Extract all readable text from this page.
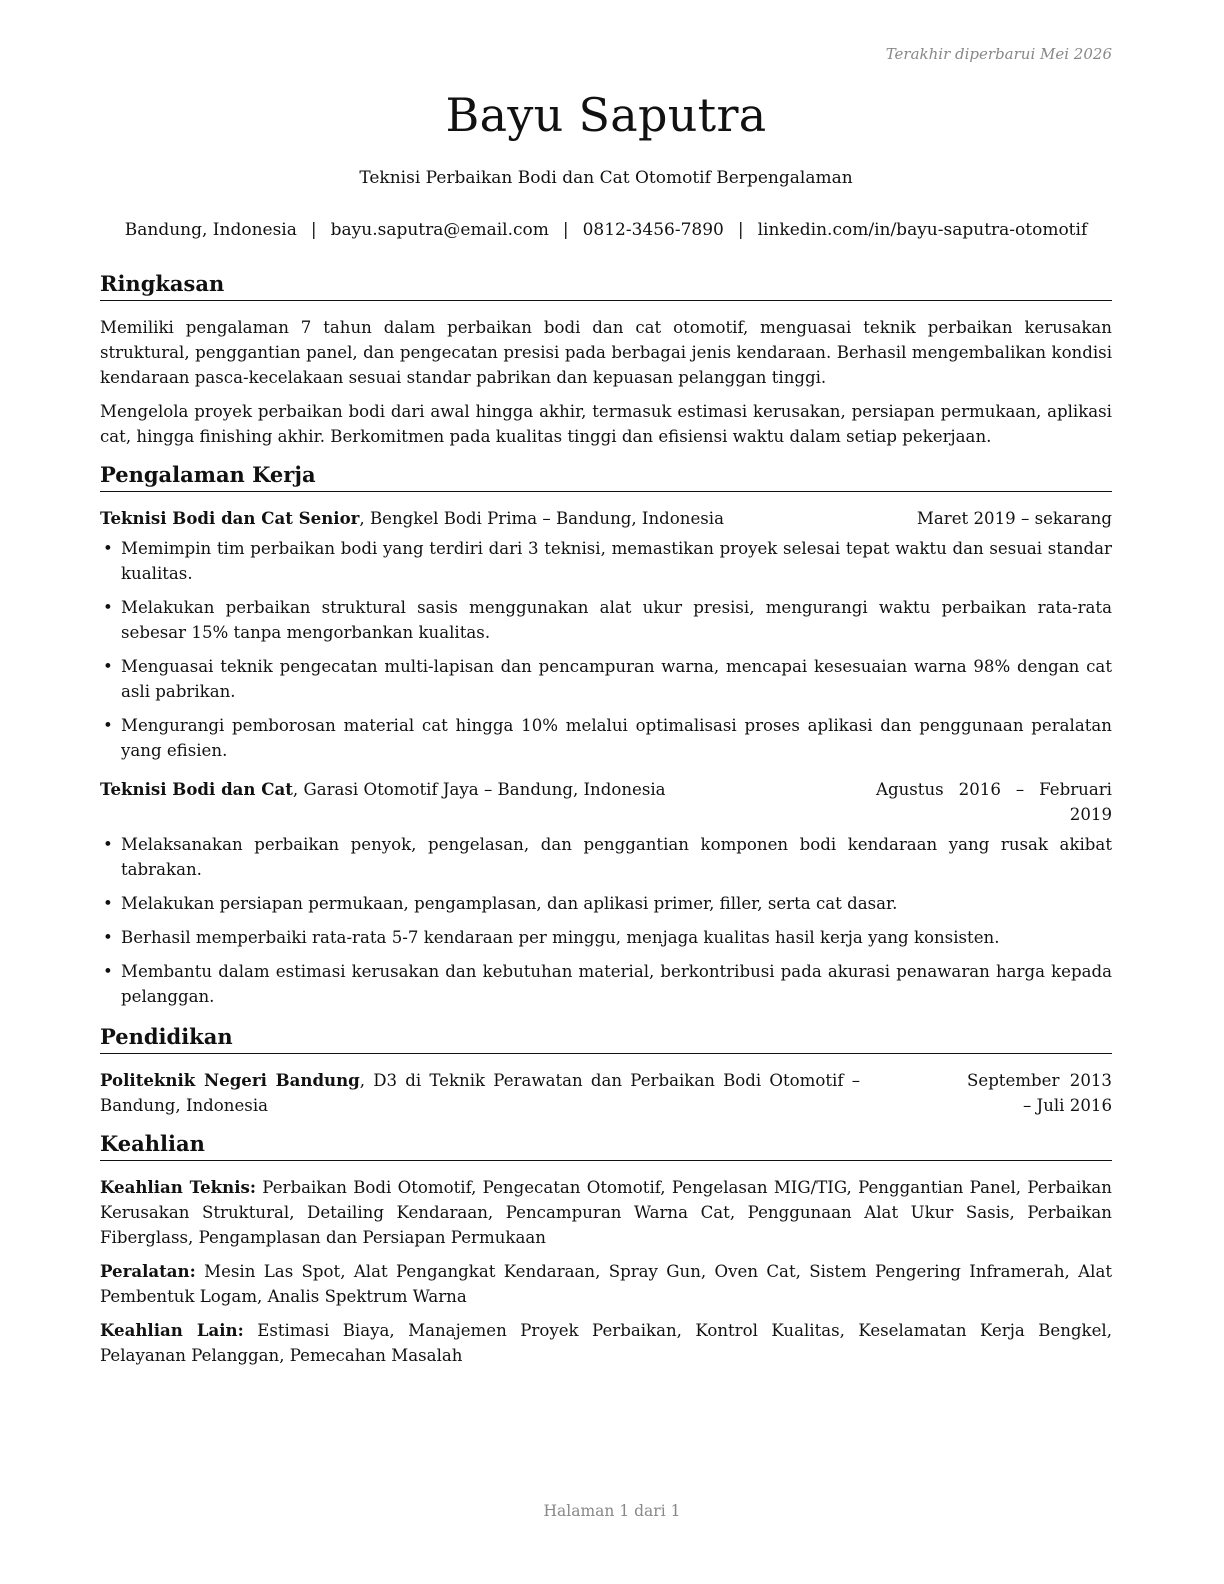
Terakhir diperbarui Mei 2026
Bayu Saputra
Teknisi Perbaikan Bodi dan Cat Otomotif Berpengalaman
Bandung, Indonesia | bayu.saputra@email.com | 0812-3456-7890 | linkedin.com/in/bayu-saputra-otomotif
Ringkasan

Memiliki pengalaman 7 tahun dalam perbaikan bodi dan cat otomotif, menguasai teknik perbaikan kerusakan struktural, penggantian panel, dan pengecatan presisi pada berbagai jenis kendaraan. Berhasil mengembalikan kondisi kendaraan pasca-kecelakaan sesuai standar pabrikan dan kepuasan pelanggan tinggi.

Mengelola proyek perbaikan bodi dari awal hingga akhir, termasuk estimasi kerusakan, persiapan permukaan, aplikasi cat, hingga finishing akhir. Berkomitmen pada kualitas tinggi dan efisiensi waktu dalam setiap pekerjaan.

Pengalaman Kerja
Teknisi Bodi dan Cat Senior, Bengkel Bodi Prima – Bandung, Indonesia	Maret 2019 – sekarang
• Memimpin tim perbaikan bodi yang terdiri dari 3 teknisi, memastikan proyek selesai tepat waktu dan sesuai standar kualitas.
• Melakukan perbaikan struktural sasis menggunakan alat ukur presisi, mengurangi waktu perbaikan rata-rata sebesar 15% tanpa mengorbankan kualitas.
• Menguasai teknik pengecatan multi-lapisan dan pencampuran warna, mencapai kesesuaian warna 98% dengan cat asli pabrikan.
• Mengurangi pemborosan material cat hingga 10% melalui optimalisasi proses aplikasi dan penggunaan peralatan yang efisien.
Teknisi Bodi dan Cat, Garasi Otomotif Jaya – Bandung, Indonesia	Agustus 2016 – Februari 2019
• Melaksanakan perbaikan penyok, pengelasan, dan penggantian komponen bodi kendaraan yang rusak akibat tabrakan.
• Melakukan persiapan permukaan, pengamplasan, dan aplikasi primer, filler, serta cat dasar.
• Berhasil memperbaiki rata-rata 5-7 kendaraan per minggu, menjaga kualitas hasil kerja yang konsisten.
• Membantu dalam estimasi kerusakan dan kebutuhan material, berkontribusi pada akurasi penawaran harga kepada pelanggan.
Pendidikan
Politeknik Negeri Bandung, D3 di Teknik Perawatan dan Perbaikan Bodi Otomotif – Bandung, Indonesia
September 2013 – Juli 2016
Keahlian

Keahlian Teknis: Perbaikan Bodi Otomotif, Pengecatan Otomotif, Pengelasan MIG/TIG, Penggantian Panel, Perbaikan Kerusakan Struktural, Detailing Kendaraan, Pencampuran Warna Cat, Penggunaan Alat Ukur Sasis, Perbaikan Fiberglass, Pengamplasan dan Persiapan Permukaan

Peralatan: Mesin Las Spot, Alat Pengangkat Kendaraan, Spray Gun, Oven Cat, Sistem Pengering Inframerah, Alat Pembentuk Logam, Analis Spektrum Warna

Keahlian Lain: Estimasi Biaya, Manajemen Proyek Perbaikan, Kontrol Kualitas, Keselamatan Kerja Bengkel, Pelayanan Pelanggan, Pemecahan Masalah

Halaman 1 dari 1
